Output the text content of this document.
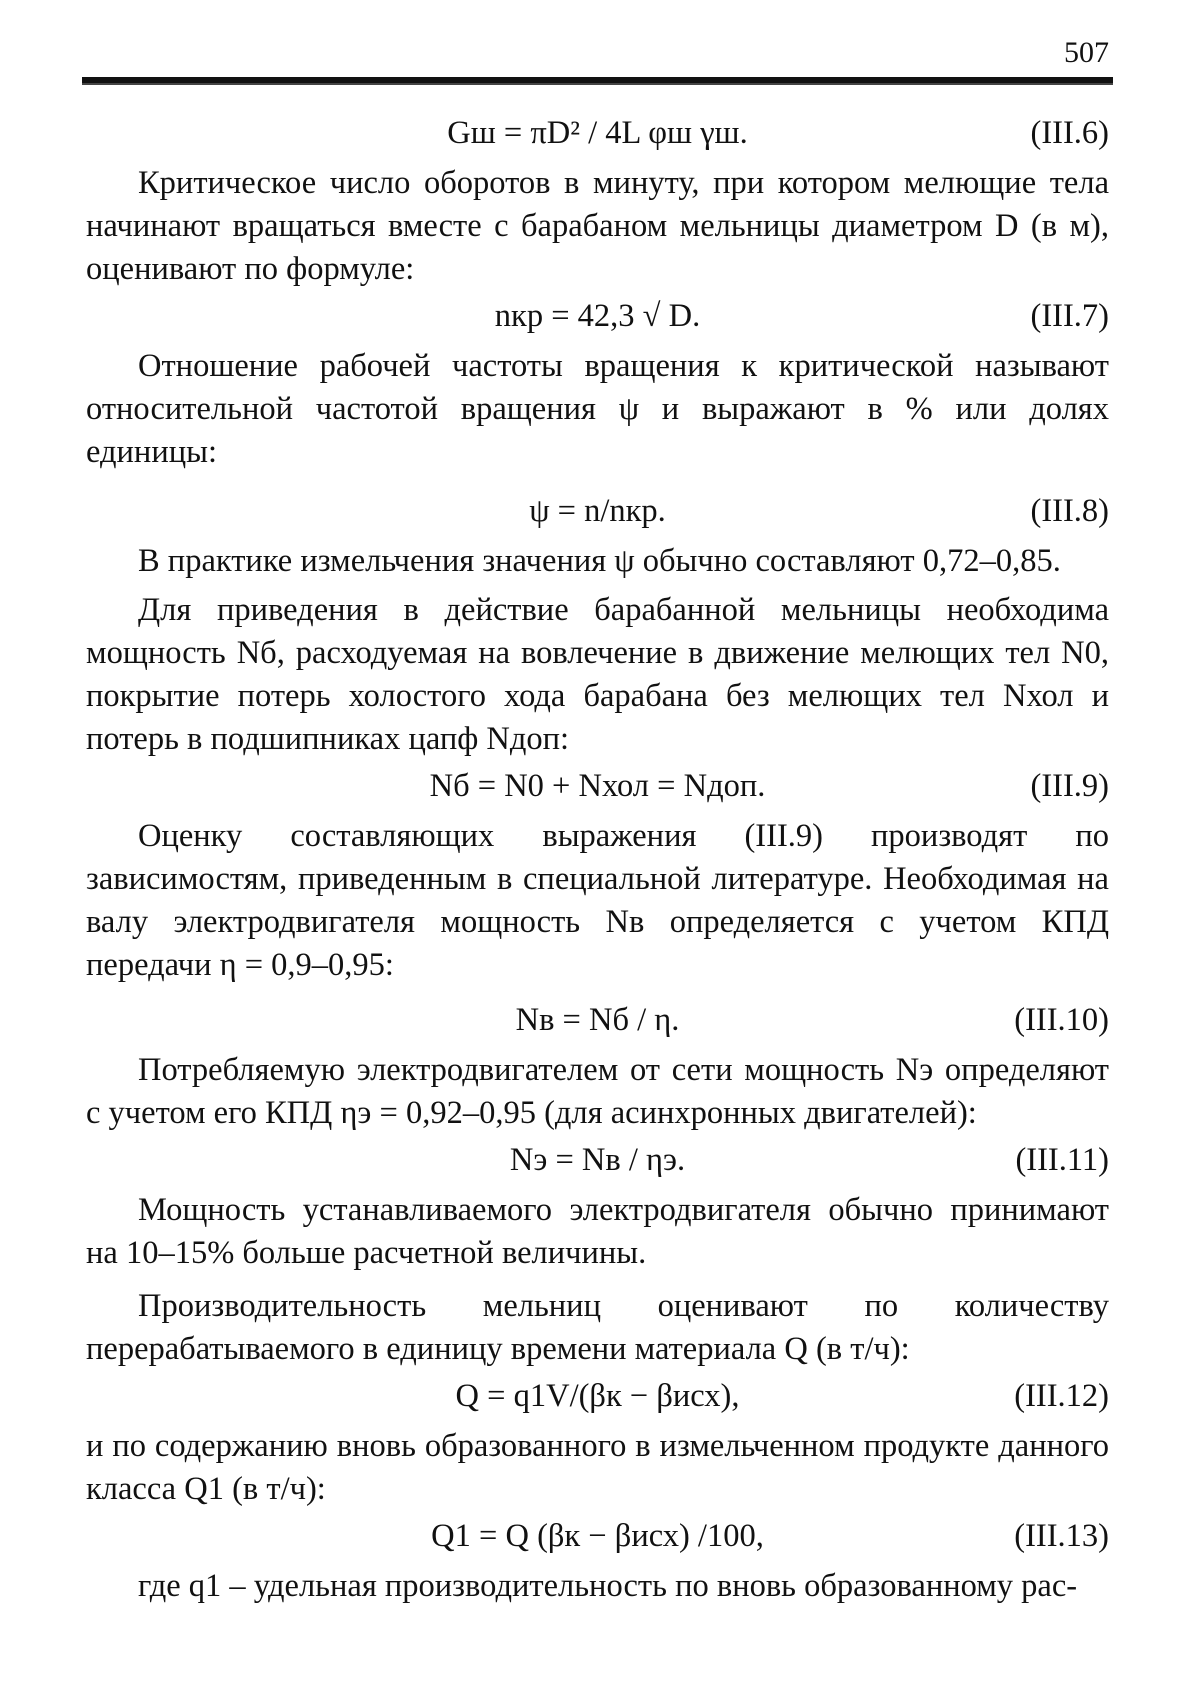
507
Gш = πD² / 4L φш γш.	(III.6)

Критическое число оборотов в минуту, при котором мелющие тела начинают вращаться вместе с барабаном мельницы диаметром D (в м), оценивают по формуле:

nкр = 42,3 √ D.	(III.7)

Отношение рабочей частоты вращения к критической называют относительной частотой вращения ψ и выражают в % или долях единицы:

ψ = n/nкр.	(III.8)

В практике измельчения значения ψ обычно составляют 0,72–0,85.

Для приведения в действие барабанной мельницы необходима мощность Nб, расходуемая на вовлечение в движение мелющих тел N0, покрытие потерь холостого хода барабана без мелющих тел Nхол и потерь в подшипниках цапф Nдоп:

Nб = N0 + Nхол = Nдоп.	(III.9)

Оценку составляющих выражения (III.9) производят по зависимостям, приведенным в специальной литературе. Необходимая на валу электродвигателя мощность Nв определяется с учетом КПД передачи η = 0,9–0,95:

Nв = Nб / η.	(III.10)

Потребляемую электродвигателем от сети мощность Nэ определяют с учетом его КПД ηэ = 0,92–0,95 (для асинхронных двигателей):

Nэ = Nв / ηэ.	(III.11)

Мощность устанавливаемого электродвигателя обычно принимают на 10–15% больше расчетной величины.

Производительность мельниц оценивают по количеству перерабатываемого в единицу времени материала Q (в т/ч):

Q = q1V/(βк − βисх),	(III.12)

и по содержанию вновь образованного в измельченном продукте данного класса Q1 (в т/ч):

Q1 = Q (βк − βисх) /100,	(III.13)

где q1 – удельная производительность по вновь образованному рас-
